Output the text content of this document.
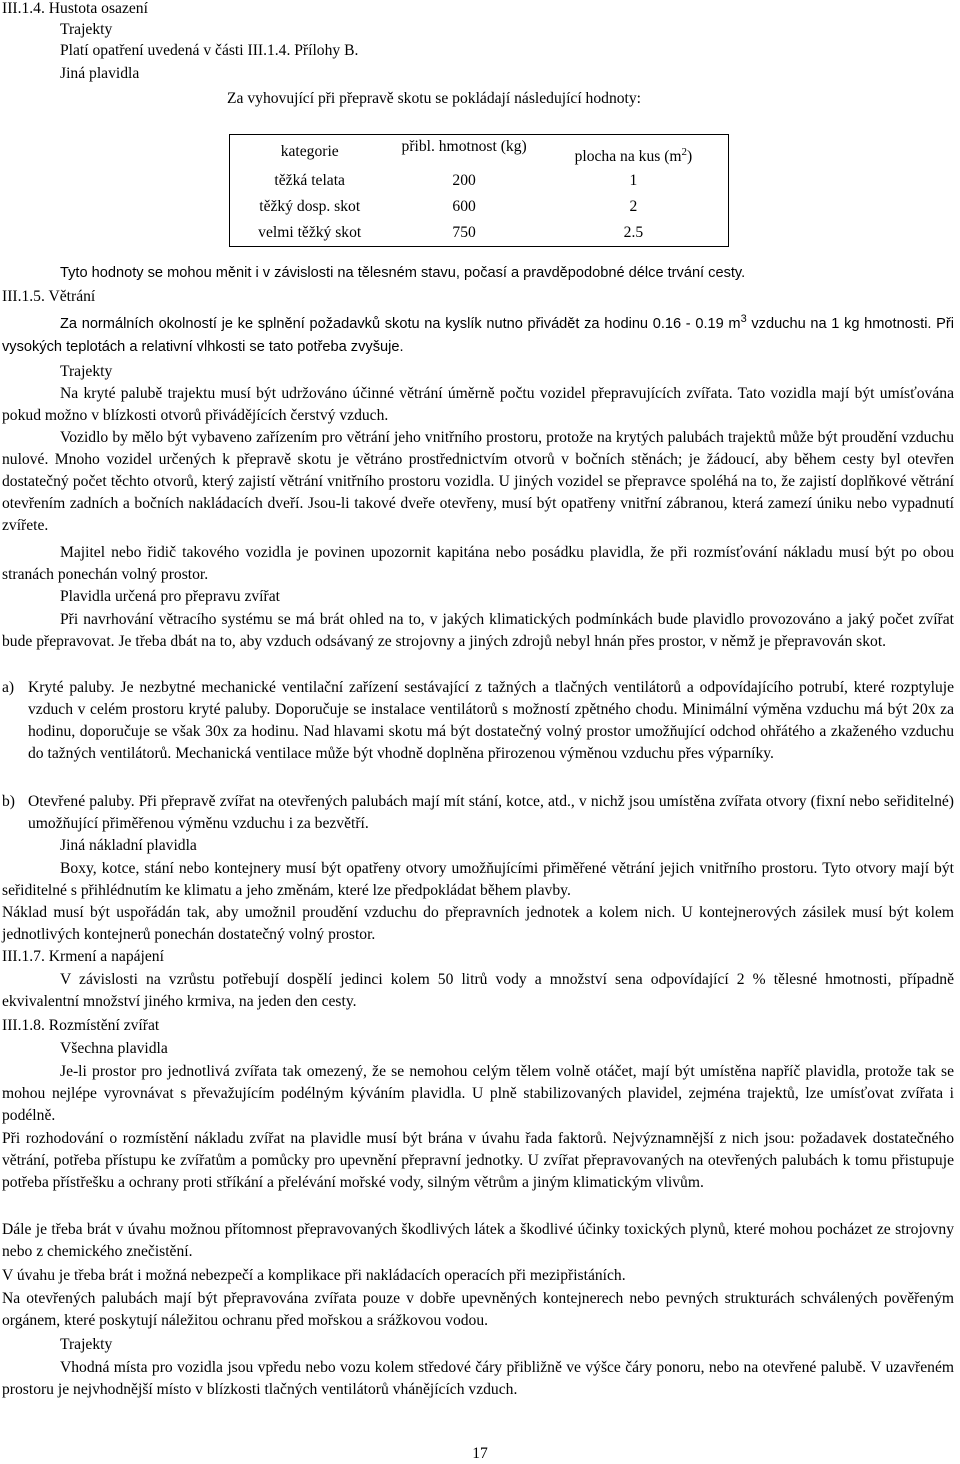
III.1.4. Hustota osazení
Trajekty
Platí opatření uvedená v části III.1.4. Přílohy B.
Jiná plavidla
Za vyhovující při přepravě skotu se pokládají následující hodnoty:
kategorie	přibl. hmotnost (kg)	plocha na kus $(m^2)$
těžká telata	200	1
těžký dosp. skot	600	2
velmi těžký skot	750	2.5
Tyto hodnoty se mohou měnit i v závislosti na tělesném stavu, počasí a pravděpodobné délce trvání cesty.
III.1.5. Větrání
Za normálních okolností je ke splnění požadavků skotu na kyslík nutno přivádět za hodinu 0.16 - 0.19 $m^3$ vzduchu na 1 kg hmotnosti. Při vysokých teplotách a relativní vlhkosti se tato potřeba zvyšuje.
Trajekty
Na kryté palubě trajektu musí být udržováno účinné větrání úměrně počtu vozidel přepravujících zvířata. Tato vozidla mají být umísťována pokud možno v blízkosti otvorů přivádějících čerstvý vzduch.
Vozidlo by mělo být vybaveno zařízením pro větrání jeho vnitřního prostoru, protože na krytých palubách trajektů může být proudění vzduchu nulové. Mnoho vozidel určených k přepravě skotu je větráno prostřednictvím otvorů v bočních stěnách; je žádoucí, aby během cesty byl otevřen dostatečný počet těchto otvorů, který zajistí větrání vnitřního prostoru vozidla. U jiných vozidel se přepravce spoléhá na to, že zajistí doplňkové větrání otevřením zadních a bočních nakládacích dveří. Jsou-li takové dveře otevřeny, musí být opatřeny vnitřní zábranou, která zamezí úniku nebo vypadnutí zvířete.
Majitel nebo řidič takového vozidla je povinen upozornit kapitána nebo posádku plavidla, že při rozmísťování nákladu musí být po obou stranách ponechán volný prostor.
Plavidla určená pro přepravu zvířat
Při navrhování větracího systému se má brát ohled na to, v jakých klimatických podmínkách bude plavidlo provozováno a jaký počet zvířat bude přepravovat. Je třeba dbát na to, aby vzduch odsávaný ze strojovny a jiných zdrojů nebyl hnán přes prostor, v němž je přepravován skot.
a) Kryté paluby. Je nezbytné mechanické ventilační zařízení sestávající z tažných a tlačných ventilátorů a odpovídajícího potrubí, které rozptyluje vzduch v celém prostoru kryté paluby. Doporučuje se instalace ventilátorů s možností zpětného chodu. Minimální výměna vzduchu má být 20x za hodinu, doporučuje se však 30x za hodinu. Nad hlavami skotu má být dostatečný volný prostor umožňující odchod ohřátého a zkaženého vzduchu do tažných ventilátorů. Mechanická ventilace může být vhodně doplněna přirozenou výměnou vzduchu přes výparníky.
b) Otevřené paluby. Při přepravě zvířat na otevřených palubách mají mít stání, kotce, atd., v nichž jsou umístěna zvířata otvory (fixní nebo seřiditelné) umožňující přiměřenou výměnu vzduchu i za bezvětří.
Jiná nákladní plavidla
Boxy, kotce, stání nebo kontejnery musí být opatřeny otvory umožňujícími přiměřené větrání jejich vnitřního prostoru. Tyto otvory mají být seřiditelné s přihlédnutím ke klimatu a jeho změnám, které lze předpokládat během plavby.
Náklad musí být uspořádán tak, aby umožnil proudění vzduchu do přepravních jednotek a kolem nich. U kontejnerových zásilek musí být kolem jednotlivých kontejnerů ponechán dostatečný volný prostor.
III.1.7. Krmení a napájení
V závislosti na vzrůstu potřebují dospělí jedinci kolem 50 litrů vody a množství sena odpovídající 2 % tělesné hmotnosti, případně ekvivalentní množství jiného krmiva, na jeden den cesty.
III.1.8. Rozmístění zvířat
Všechna plavidla
Je-li prostor pro jednotlivá zvířata tak omezený, že se nemohou celým tělem volně otáčet, mají být umístěna napříč plavidla, protože tak se mohou nejlépe vyrovnávat s převažujícím podélným kýváním plavidla. U plně stabilizovaných plavidel, zejména trajektů, lze umísťovat zvířata i podélně.
Při rozhodování o rozmístění nákladu zvířat na plavidle musí být brána v úvahu řada faktorů. Nejvýznamnější z nich jsou: požadavek dostatečného větrání, potřeba přístupu ke zvířatům a pomůcky pro upevnění přepravní jednotky. U zvířat přepravovaných na otevřených palubách k tomu přistupuje potřeba přístřešku a ochrany proti stříkání a přelévání mořské vody, silným větrům a jiným klimatickým vlivům.
Dále je třeba brát v úvahu možnou přítomnost přepravovaných škodlivých látek a škodlivé účinky toxických plynů, které mohou pocházet ze strojovny nebo z chemického znečistění.
V úvahu je třeba brát i možná nebezpečí a komplikace při nakládacích operacích při mezipřistáních.
Na otevřených palubách mají být přepravována zvířata pouze v dobře upevněných kontejnerech nebo pevných strukturách schválených pověřeným orgánem, které poskytují náležitou ochranu před mořskou a srážkovou vodou.
Trajekty
Vhodná místa pro vozidla jsou vpředu nebo vozu kolem středové čáry přibližně ve výšce čáry ponoru, nebo na otevřené palubě. V uzavřeném prostoru je nejvhodnější místo v blízkosti tlačných ventilátorů vhánějících vzduch.
17
